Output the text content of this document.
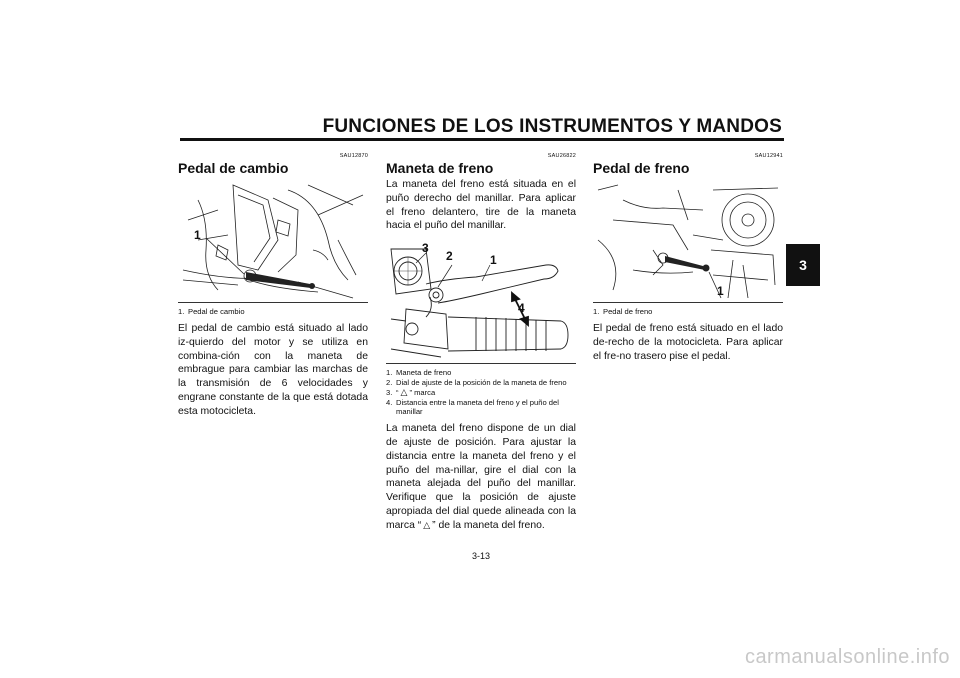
FUNCIONES DE LOS INSTRUMENTOS Y MANDOS
3
SAU12870
Pedal de cambio
1
1. Pedal de cambio

El pedal de cambio está situado al lado iz-quierdo del motor y se utiliza en combina-ción con la maneta de embrague para cambiar las marchas de la transmisión de 6 velocidades y engrane constante de la que está dotada esta motocicleta.

SAU26822
Maneta de freno

La maneta del freno está situada en el puño derecho del manillar. Para aplicar el freno delantero, tire de la maneta hacia el puño del manillar.

3
2	1
4
1. Maneta de freno
2. Dial de ajuste de la posición de la maneta de freno
3. “ △ ” marca
4. Distancia entre la maneta del freno y el puño del manillar

La maneta del freno dispone de un dial de ajuste de posición. Para ajustar la distancia entre la maneta del freno y el puño del ma-nillar, gire el dial con la maneta alejada del puño del manillar. Verifique que la posición de ajuste apropiada del dial quede alineada con la marca “ △ ” de la maneta del freno.

SAU12941
Pedal de freno
1
1. Pedal de freno

El pedal de freno está situado en el lado de-recho de la motocicleta. Para aplicar el fre-no trasero pise el pedal.

3-13
carmanualsonline.info
